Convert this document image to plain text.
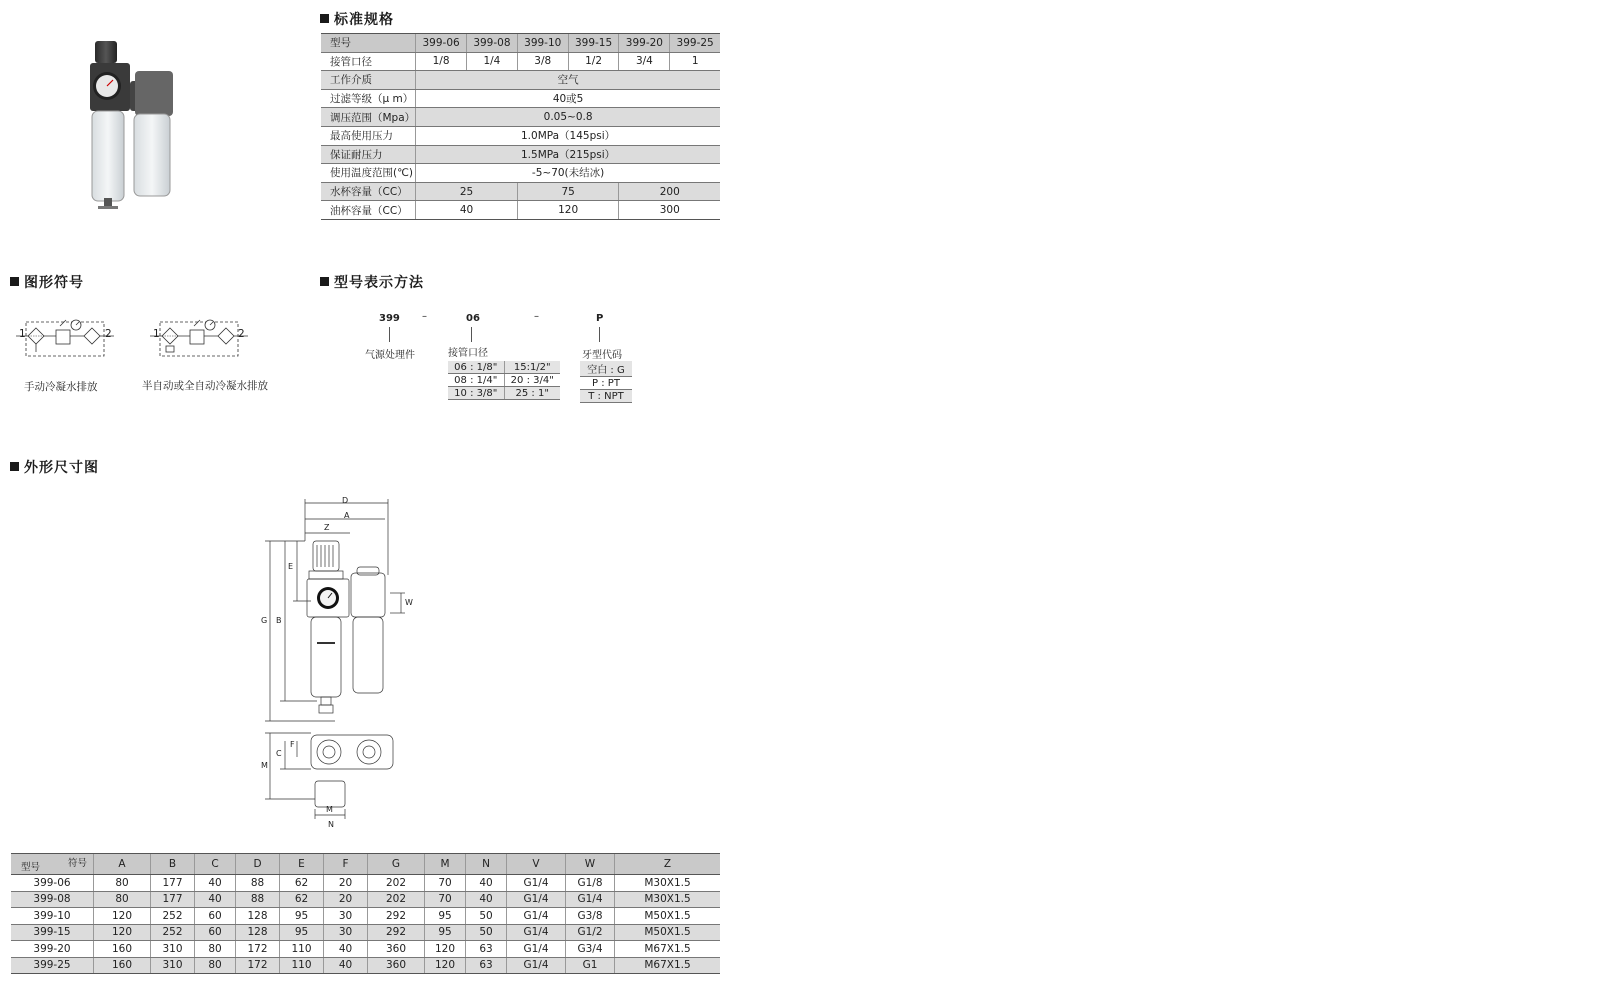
标准规格
图形符号	型号表示方法
外形尺寸图
型号	399-06	399-08	399-10	399-15	399-20	399-25
接管口径	1/8	1/4	3/8	1/2	3/4	1
工作介质	空气					
过滤等级（μ m）	40或5					
调压范围（Mpa）	0.05~0.8					
最高使用压力	1.0MPa（145psi）					
保证耐压力	1.5MPa（215psi）					
使用温度范围(℃)	-5~70(未结冰)					
水杯容量（CC）	25		75		200	
油杯容量（CC）	40		120		300	
1	2
手动冷凝水排放
1	2
半自动或全自动冷凝水排放
399 –	06	–	P
气源处理件	接管口径	牙型代码
06 : 1/8"	15:1/2"
08 : 1/4"	20 : 3/4"
10 : 3/8"	25 : 1"
空白 : G
P : PT
T : NPT
D
A
Z
E
B
G
W
C
F
M
M
N
符号
型号	A	B	C	D	E	F	G	M	N	V	W	Z
399-06	80	177	40	88	62	20	202	70	40	G1/4	G1/8	M30X1.5
399-08	80	177	40	88	62	20	202	70	40	G1/4	G1/4	M30X1.5
399-10	120	252	60	128	95	30	292	95	50	G1/4	G3/8	M50X1.5
399-15	120	252	60	128	95	30	292	95	50	G1/4	G1/2	M50X1.5
399-20	160	310	80	172	110	40	360	120	63	G1/4	G3/4	M67X1.5
399-25	160	310	80	172	110	40	360	120	63	G1/4	G1	M67X1.5
